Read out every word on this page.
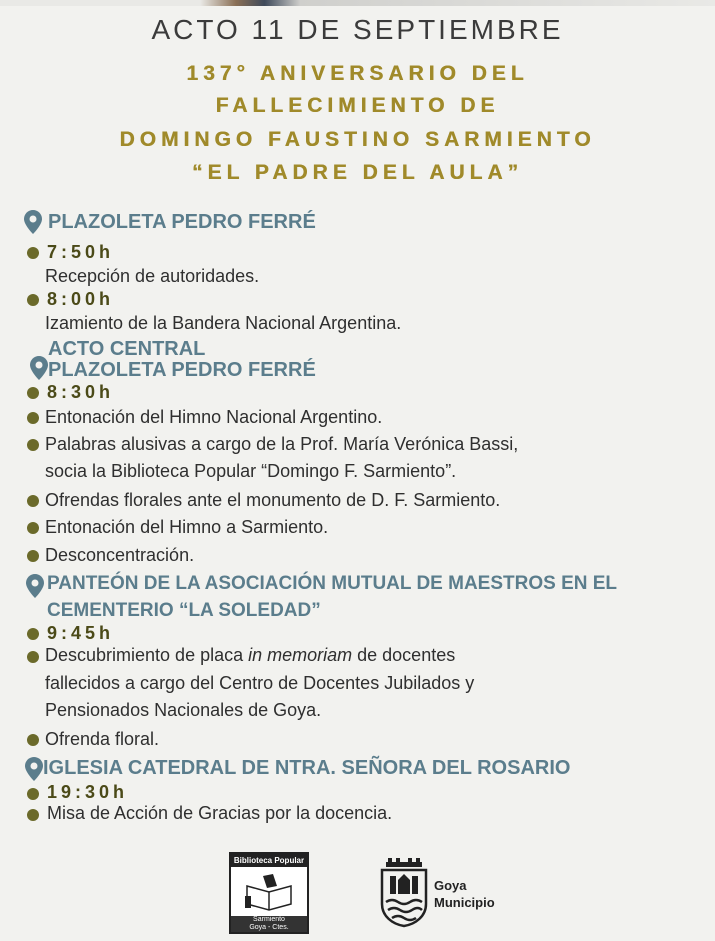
ACTO 11 DE SEPTIEMBRE
137° ANIVERSARIO DEL
FALLECIMIENTO DE
DOMINGO FAUSTINO SARMIENTO
“EL PADRE DEL AULA”
PLAZOLETA PEDRO FERRÉ
7:50h
Recepción de autoridades.
8:00h
Izamiento de la Bandera Nacional Argentina.
ACTO CENTRAL
PLAZOLETA PEDRO FERRÉ
8:30h
Entonación del Himno Nacional Argentino.
Palabras alusivas a cargo de la Prof. María Verónica Bassi,
socia la Biblioteca Popular “Domingo F. Sarmiento”.
Ofrendas florales ante el monumento de D. F. Sarmiento.
Entonación del Himno a Sarmiento.
Desconcentración.
PANTEÓN DE LA ASOCIACIÓN MUTUAL DE MAESTROS EN EL
CEMENTERIO “LA SOLEDAD”
9:45h
Descubrimiento de placa in memoriam de docentes
fallecidos a cargo del Centro de Docentes Jubilados y
Pensionados Nacionales de Goya.
Ofrenda floral.
IGLESIA CATEDRAL DE NTRA. SEÑORA DEL ROSARIO
19:30h
Misa de Acción de Gracias por la docencia.
Biblioteca Popular
Sarmiento
Goya - Ctes.
Goya
Municipio
